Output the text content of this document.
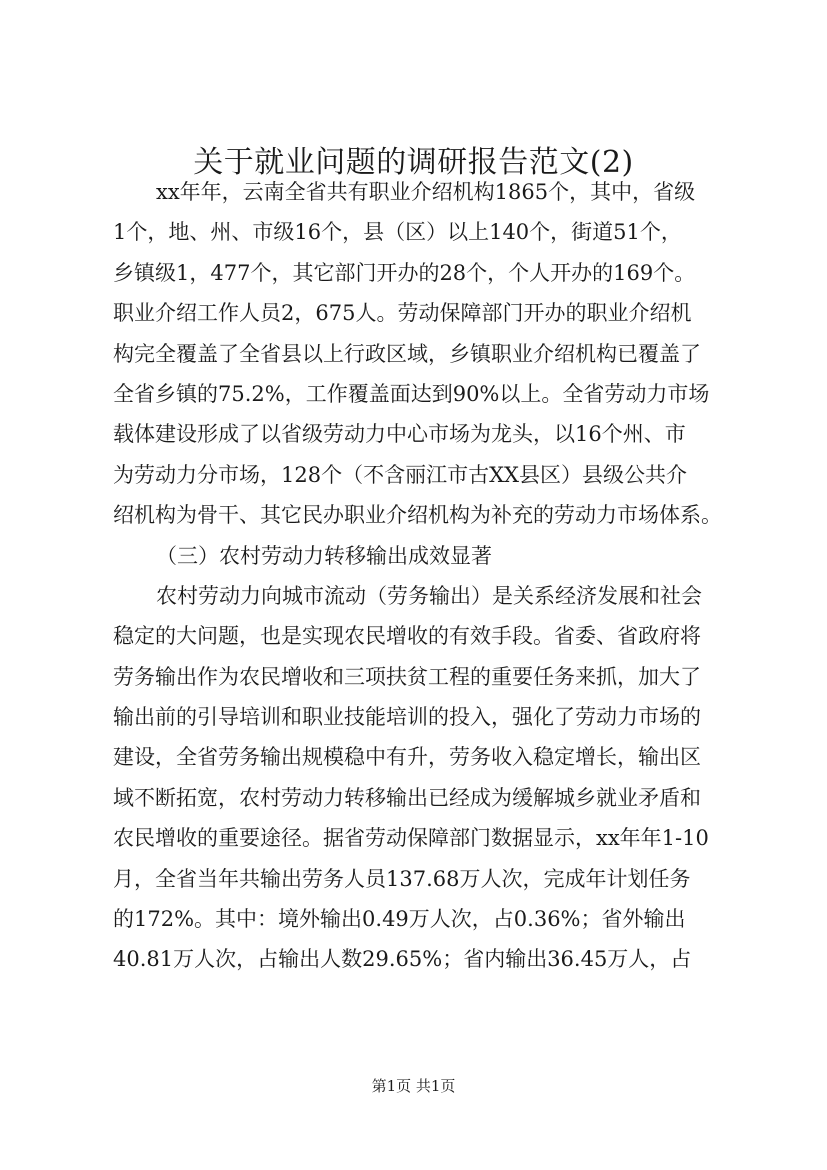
关于就业问题的调研报告范文(2)
xx年年，云南全省共有职业介绍机构1865个，其中，省级
1个，地、州、市级16个，县（区）以上140个，街道51个，
乡镇级1，477个，其它部门开办的28个，个人开办的169个。
职业介绍工作人员2，675人。劳动保障部门开办的职业介绍机
构完全覆盖了全省县以上行政区域，乡镇职业介绍机构已覆盖了
全省乡镇的75.2%，工作覆盖面达到90%以上。全省劳动力市场
载体建设形成了以省级劳动力中心市场为龙头，以16个州、市
为劳动力分市场，128个（不含丽江市古XX县区）县级公共介
绍机构为骨干、其它民办职业介绍机构为补充的劳动力市场体系。
（三）农村劳动力转移输出成效显著
农村劳动力向城市流动（劳务输出）是关系经济发展和社会
稳定的大问题，也是实现农民增收的有效手段。省委、省政府将
劳务输出作为农民增收和三项扶贫工程的重要任务来抓，加大了
输出前的引导培训和职业技能培训的投入，强化了劳动力市场的
建设，全省劳务输出规模稳中有升，劳务收入稳定增长，输出区
域不断拓宽，农村劳动力转移输出已经成为缓解城乡就业矛盾和
农民增收的重要途径。据省劳动保障部门数据显示，xx年年1-10
月，全省当年共输出劳务人员137.68万人次，完成年计划任务
的172%。其中：境外输出0.49万人次，占0.36%；省外输出
40.81万人次，占输出人数29.65%；省内输出36.45万人，占
第1页 共1页
